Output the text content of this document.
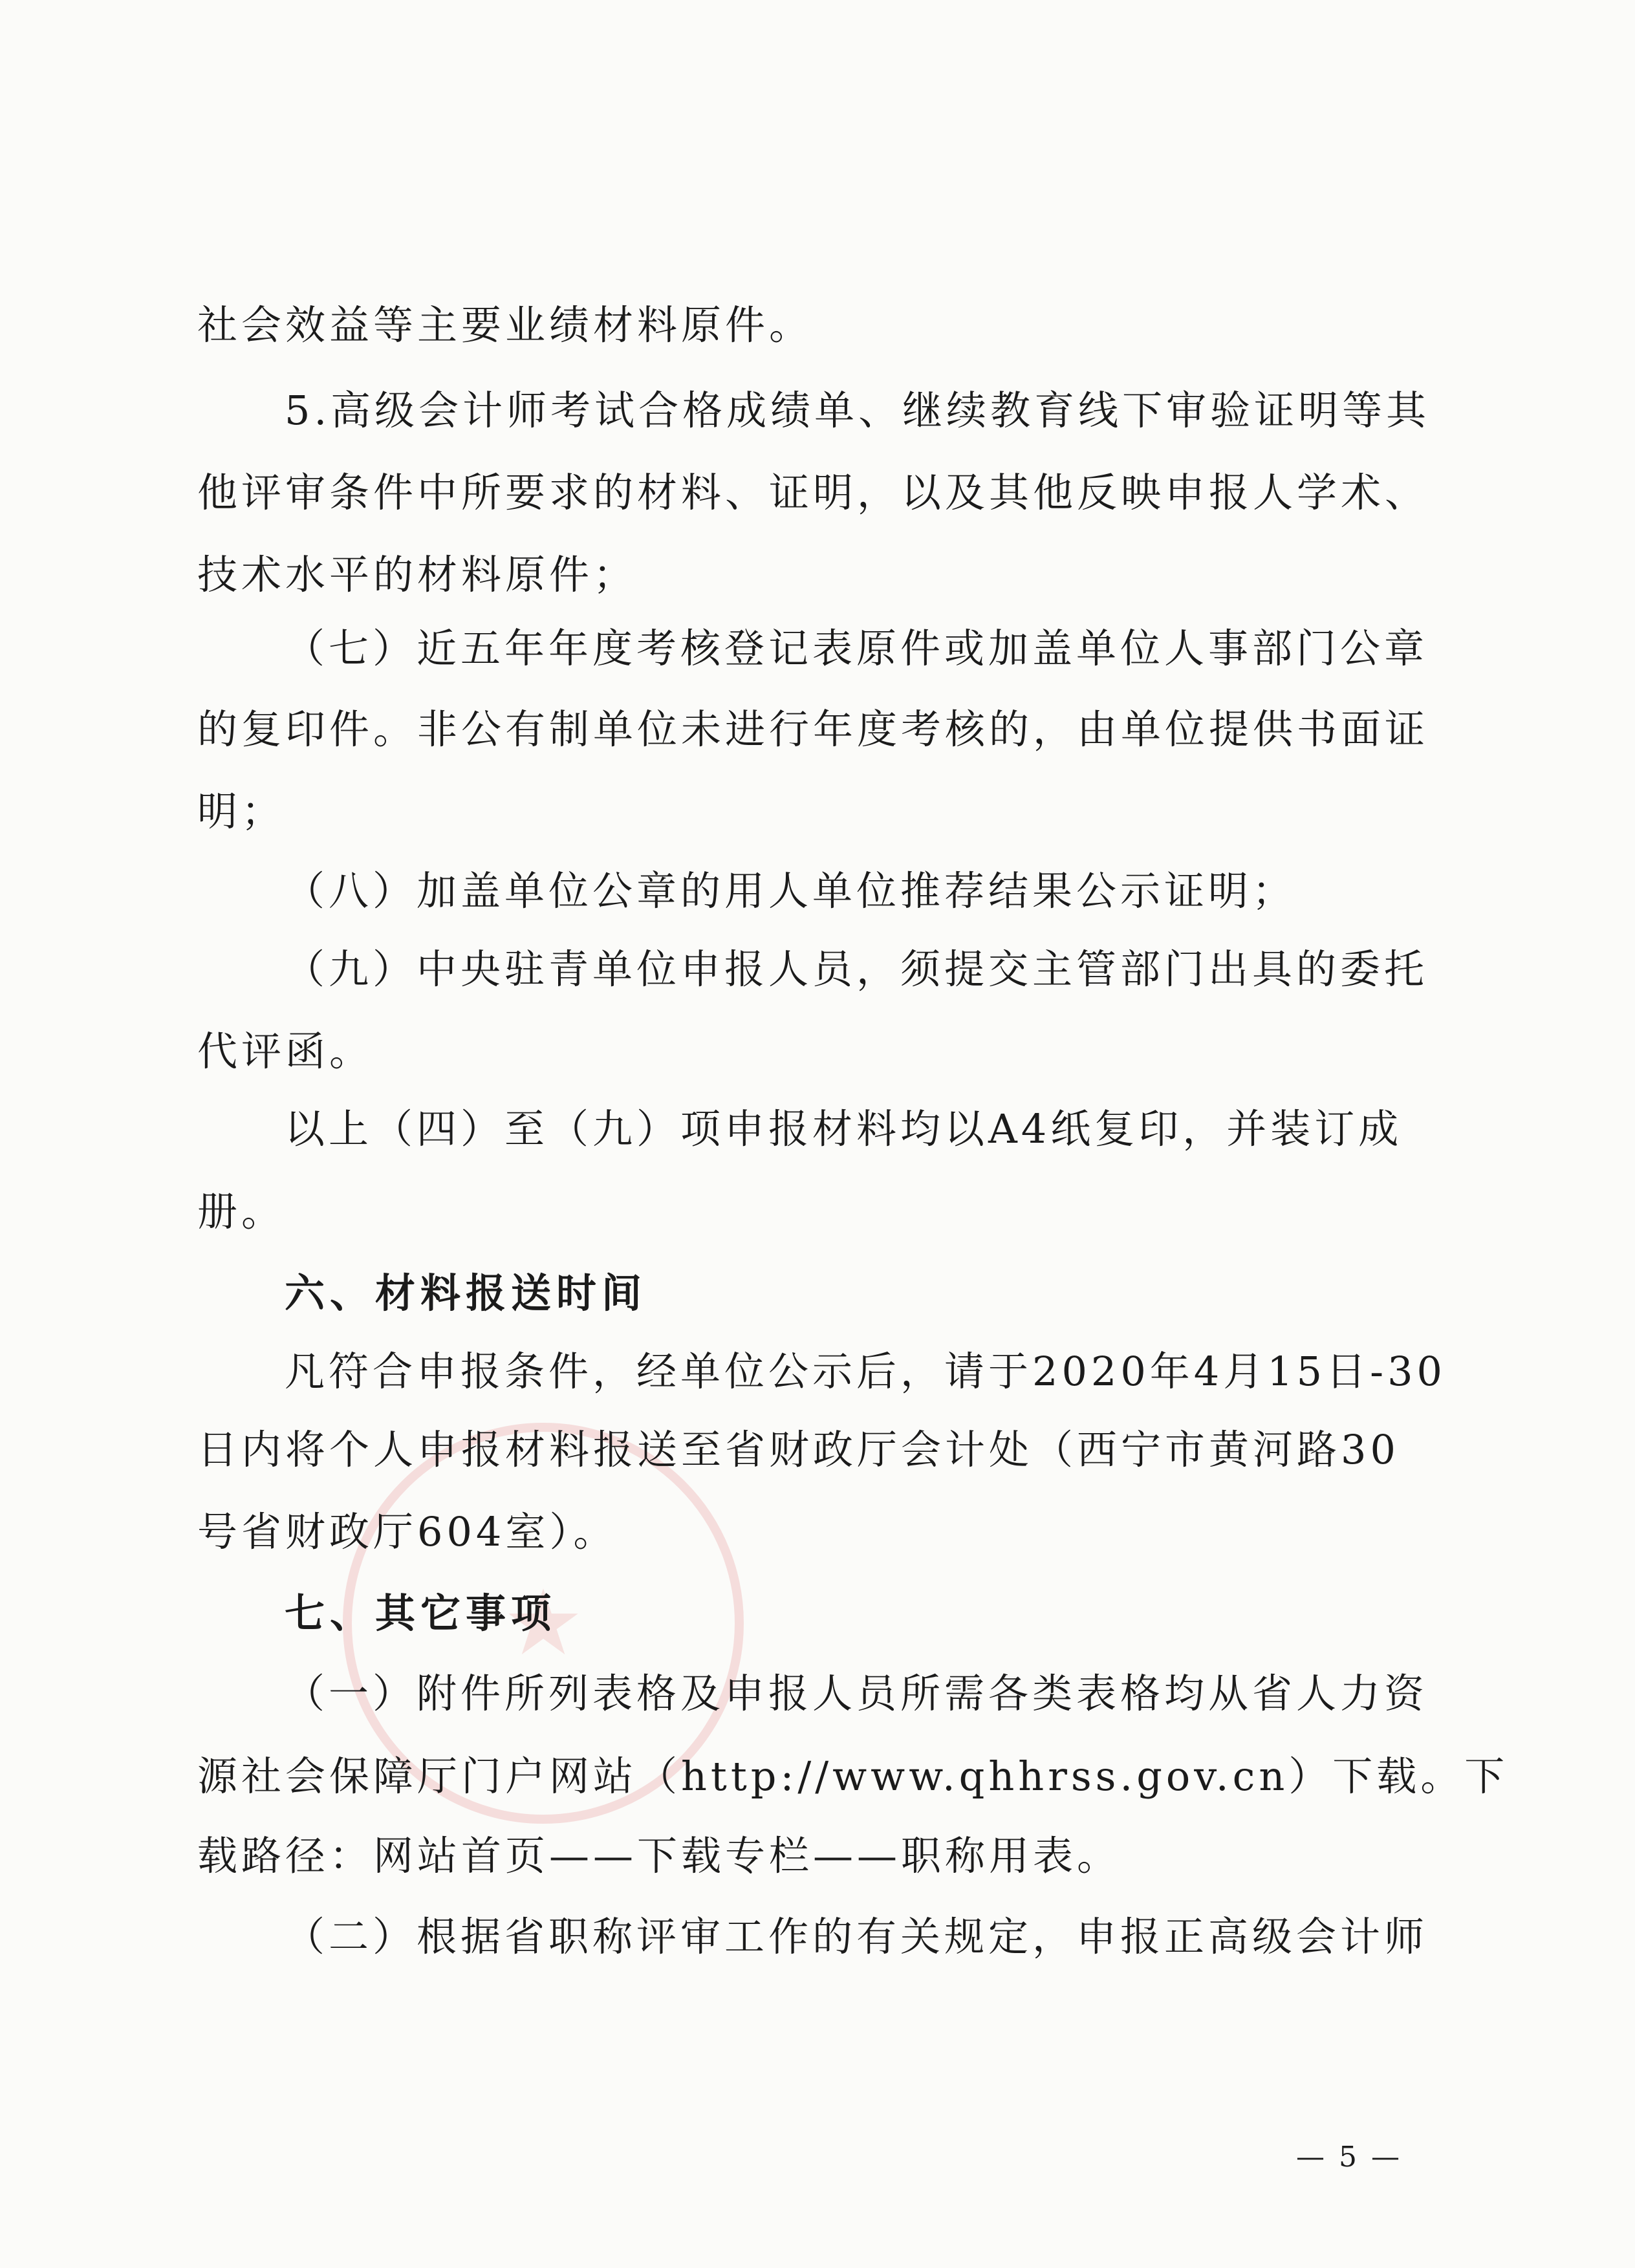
★

社会效益等主要业绩材料原件。
5.高级会计师考试合格成绩单、继续教育线下审验证明等其
他评审条件中所要求的材料、证明，以及其他反映申报人学术、
技术水平的材料原件；
（七）近五年年度考核登记表原件或加盖单位人事部门公章
的复印件。非公有制单位未进行年度考核的，由单位提供书面证
明；
（八）加盖单位公章的用人单位推荐结果公示证明；
（九）中央驻青单位申报人员，须提交主管部门出具的委托
代评函。
以上（四）至（九）项申报材料均以A4纸复印，并装订成
册。
六、材料报送时间
凡符合申报条件，经单位公示后，请于2020年4月15日-30
日内将个人申报材料报送至省财政厅会计处（西宁市黄河路30
号省财政厅604室）。
七、其它事项
（一）附件所列表格及申报人员所需各类表格均从省人力资
源社会保障厅门户网站（http://www.qhhrss.gov.cn）下载。下
载路径：网站首页——下载专栏——职称用表。
（二）根据省职称评审工作的有关规定，申报正高级会计师
— 5 —
